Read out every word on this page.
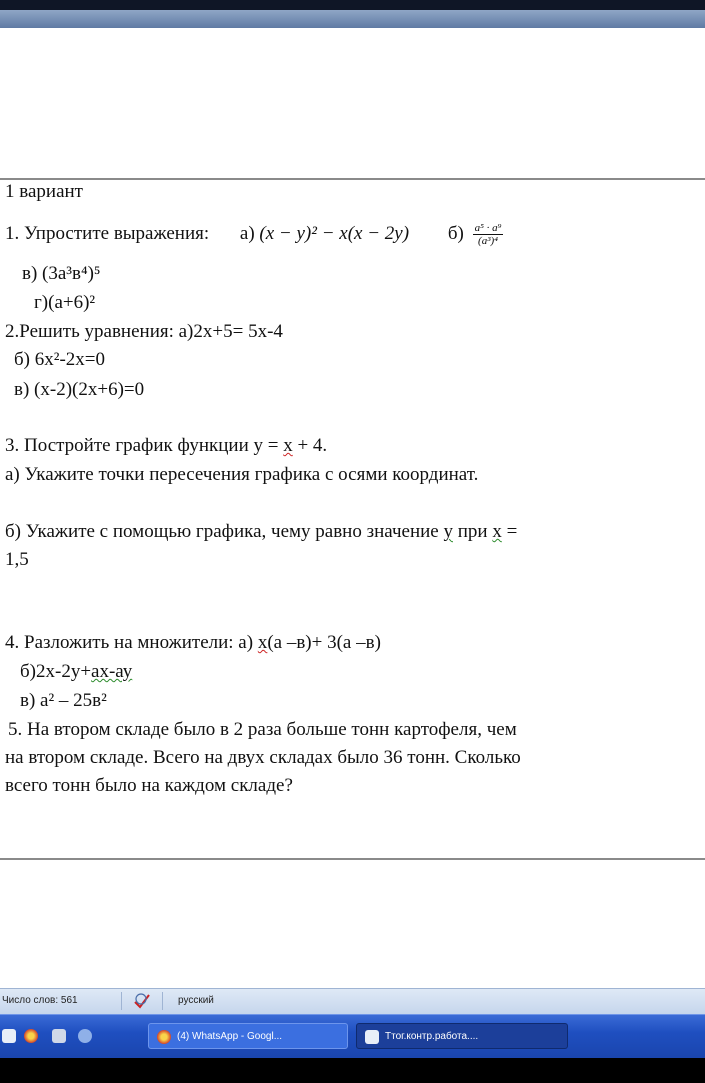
1 вариант
1. Упростите выражения: а) (x − y)² − x(x − 2y) $б) \frac{\text{a⁵ · a⁹}}{\text{(a³)⁴}}$
в) (3a³в⁴)⁵
г)(а+6)²
2.Решить уравнения: а)2х+5= 5х-4
б) 6х²-2х=0
в) (х-2)(2х+6)=0
3. Постройте график функции у = х + 4.
а) Укажите точки пересечения графика с осями координат.
б) Укажите с помощью графика, чему равно значение у при х =
1,5
4. Разложить на множители: а) х(а –в)+ 3(а –в)
б)2х-2у+ах-ау
в) а² – 25в²
5. На втором складе было в 2 раза больше тонн картофеля, чем
на втором складе. Всего на двух складах было 36 тонн. Сколько
всего тонн было на каждом складе?
Число слов: 561	русский
(4) WhatsApp - Googl...	Ттог.контр.работа....
